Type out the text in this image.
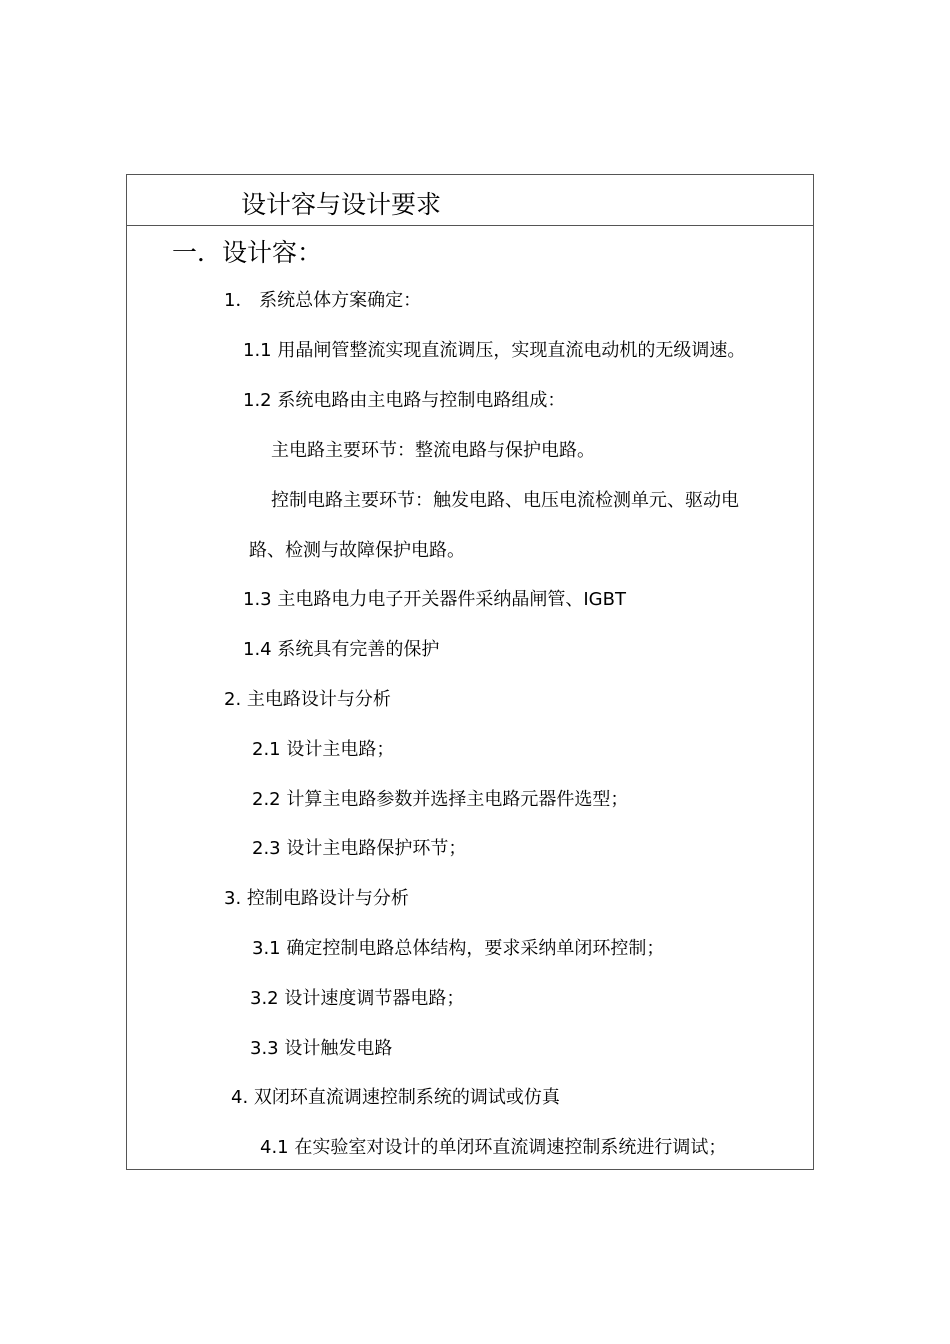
设计容与设计要求
一．设计容：
1． 系统总体方案确定：
1.1 用晶闸管整流实现直流调压，实现直流电动机的无级调速。
1.2 系统电路由主电路与控制电路组成：
主电路主要环节：整流电路与保护电路。
控制电路主要环节：触发电路、电压电流检测单元、驱动电
路、检测与故障保护电路。
1.3 主电路电力电子开关器件采纳晶闸管、IGBT
1.4 系统具有完善的保护
2. 主电路设计与分析
2.1 设计主电路；
2.2 计算主电路参数并选择主电路元器件选型；
2.3 设计主电路保护环节；
3. 控制电路设计与分析
3.1 确定控制电路总体结构，要求采纳单闭环控制；
3.2 设计速度调节器电路；
3.3 设计触发电路
4. 双闭环直流调速控制系统的调试或仿真
4.1 在实验室对设计的单闭环直流调速控制系统进行调试；
